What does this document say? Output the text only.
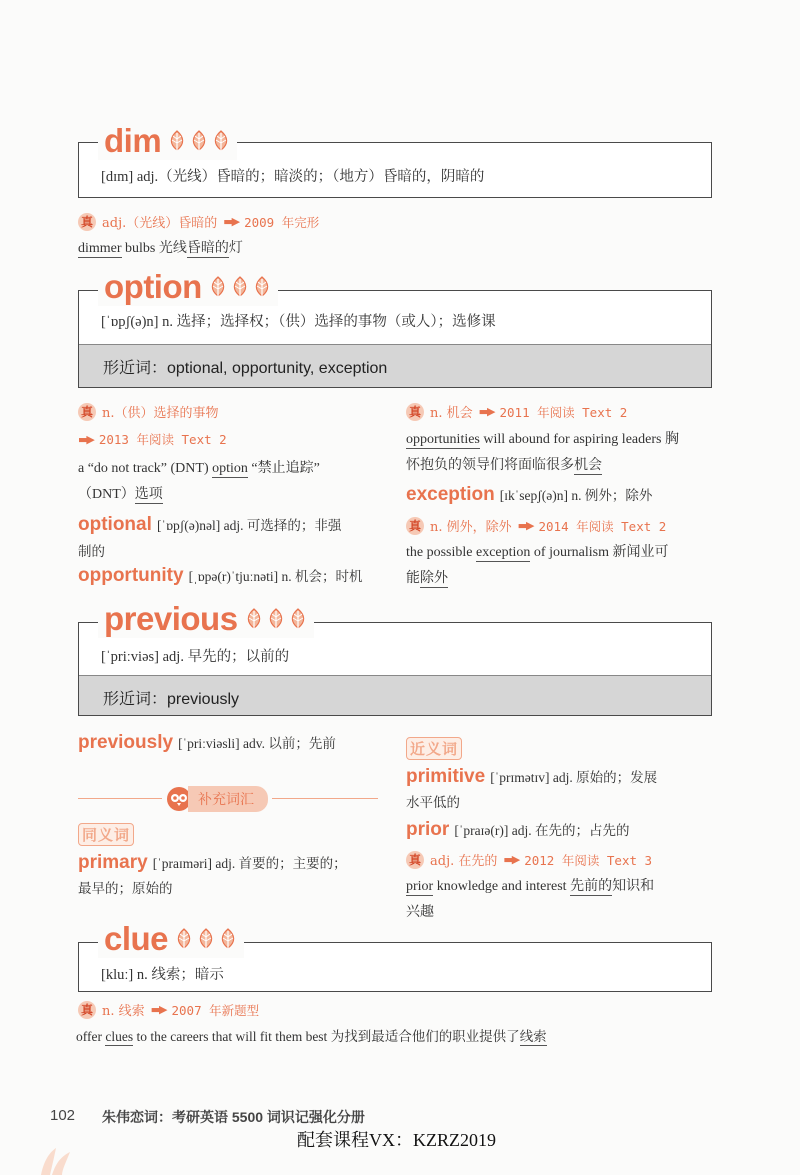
[dɪm] adj.（光线）昏暗的；暗淡的；（地方）昏暗的，阴暗的
dim
真 adj.（光线）昏暗的 ▬▶ 2009 年完形
dimmer bulbs 光线昏暗的灯
[ˈɒpʃ(ə)n] n. 选择；选择权；（供）选择的事物（或人）；选修课
形近词：optional, opportunity, exception
option
真 n.（供）选择的事物
▬▶ 2013 年阅读 Text 2
a “do not track” (DNT) option “禁止追踪”
（DNT）选项
optional [ˈɒpʃ(ə)nəl] adj. 可选择的；非强
制的
opportunity [ˌɒpə(r)ˈtjuːnəti] n. 机会；时机
真 n. 机会 ▬▶ 2011 年阅读 Text 2
opportunities will abound for aspiring leaders 胸
怀抱负的领导们将面临很多机会
exception [ɪkˈsepʃ(ə)n] n. 例外；除外
真 n. 例外，除外 ▬▶ 2014 年阅读 Text 2
the possible exception of journalism 新闻业可
能除外
[ˈpriːviəs] adj. 早先的；以前的
形近词：previously
previous
previously [ˈpriːviəsli] adv. 以前；先前
补充词汇
同义词
primary [ˈpraɪməri] adj. 首要的；主要的；
最早的；原始的
近义词
primitive [ˈprɪmətɪv] adj. 原始的；发展
水平低的
prior [ˈpraɪə(r)] adj. 在先的；占先的
真 adj. 在先的 ▬▶ 2012 年阅读 Text 3
prior knowledge and interest 先前的知识和
兴趣
[kluː] n. 线索；暗示
clue
真 n. 线索 ▬▶ 2007 年新题型
offer clues to the careers that will fit them best 为找到最适合他们的职业提供了线索
102 朱伟恋词：考研英语 5500 词识记强化分册
配套课程VX：KZRZ2019
